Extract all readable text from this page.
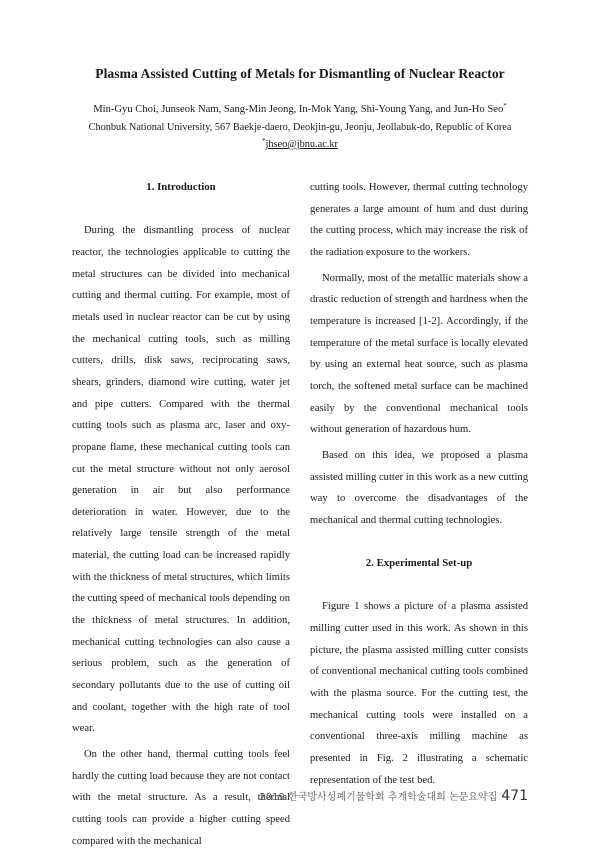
Plasma Assisted Cutting of Metals for Dismantling of Nuclear Reactor
Min-Gyu Choi, Junseok Nam, Sang-Min Jeong, In-Mok Yang, Shi-Young Yang, and Jun-Ho Seo*
Chonbuk National University, 567 Baekje-daero, Deokjin-gu, Jeonju, Jeollabuk-do, Republic of Korea
*jhseo@jbnu.ac.kr
1. Introduction

During the dismantling process of nuclear reactor, the technologies applicable to cutting the metal structures can be divided into mechanical cutting and thermal cutting. For example, most of metals used in nuclear reactor can be cut by using the mechanical cutting tools, such as milling cutters, drills, disk saws, reciprocating saws, shears, grinders, diamond wire cutting, water jet and pipe cutters. Compared with the thermal cutting tools such as plasma arc, laser and oxy-propane flame, these mechanical cutting tools can cut the metal structure without not only aerosol generation in air but also performance deterioration in water. However, due to the relatively large tensile strength of the metal material, the cutting load can be increased rapidly with the thickness of metal structures, which limits the cutting speed of mechanical tools depending on the thickness of metal structures. In addition, mechanical cutting technologies can also cause a serious problem, such as the generation of secondary pollutants due to the use of cutting oil and coolant, together with the high rate of tool wear.

On the other hand, thermal cutting tools feel hardly the cutting load because they are not contact with the metal structure. As a result, thermal cutting tools can provide a higher cutting speed compared with the mechanical

cutting tools. However, thermal cutting technology generates a large amount of hum and dust during the cutting process, which may increase the risk of the radiation exposure to the workers.

Normally, most of the metallic materials show a drastic reduction of strength and hardness when the temperature is increased [1-2]. Accordingly, if the temperature of the metal surface is locally elevated by using an external heat source, such as plasma torch, the softened metal surface can be machined easily by the conventional mechanical tools without generation of hazardous hum.

Based on this idea, we proposed a plasma assisted milling cutter in this work as a new cutting way to overcome the disadvantages of the mechanical and thermal cutting technologies.

2. Experimental Set-up

Figure 1 shows a picture of a plasma assisted milling cutter used in this work. As shown in this picture, the plasma assisted milling cutter consists of conventional mechanical cutting tools combined with the plasma source. For the cutting test, the mechanical cutting tools were installed on a conventional three-axis milling machine as presented in Fig. 2 illustrating a schematic representation of the test bed.

2019 한국방사성폐기물학회 추계학술대회 논문요약집 471
